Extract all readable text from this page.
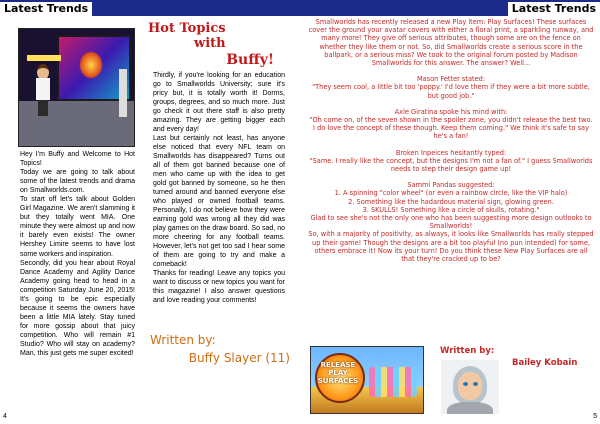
Latest Trends
Hot Topics
with
Buffy!

Hey I'm Buffy and Welcome to Hot Topics!

Today we are going to talk about some of the latest trends and drama on Smallworlds.com.

To start off let's talk about Golden Girl Magazine. We aren't slamming it but they totally went MIA. One minute they were almost up and now it barely even exists! The owner Hershey Limire seems to have lost some workers and inspiration.

Secondly, did you hear about Royal Dance Academy and Agility Dance Academy going head to head in a competition Saturday June 20, 2015! It's going to be epic especially because it seems the owners have been a little MIA lately. Stay tuned for more gossip about that juicy competition. Who will remain #1 Studio? Who will stay on academy? Man, this just gets me super excited!

Thirdly, if you're looking for an education go to Smallworlds University; sure it's pricy but, it is totally worth it! Dorms, groups, degrees, and so much more. Just go check it out there staff is also pretty amazing. They are getting bigger each and every day!

Last but certainly not least, has anyone else noticed that every NFL team on Smallworlds has disappeared? Turns out all of them got banned because one of men who came up with the idea to get gold got banned by someone, so he then turned around and banned everyone else who played or owned football teams. Personally, I do not believe how they were earning gold was wrong all they did was play games on the draw board. So sad, no more cheering for any football teams. However, let's not get too sad I hear some of them are going to try and make a comeback!

Thanks for reading! Leave any topics you want to discuss or new topics you want for this magazine! I also answer questions and love reading your comments!

Written by:
Buffy Slayer (11)
4
Latest Trends

Smallworlds has recently released a new Play item: Play Surfaces! These surfaces cover the ground your avatar covers with either a floral print, a sparkling runway, and many more! They give off serious attributes, though some are on the fence on whether they like them or not. So, did Smallworlds create a serious score in the ballpark, or a serious miss? We took to the original forum posted by Madison Smallworlds for this answer. The answer? Well...

Mason Fetter stated:

"They seem cool, a little bit too 'poppy.' I'd love them if they were a bit more subtle, but good job."

Axle Giratina spoke his mind with:

"Oh come on, of the seven shown in the spoiler zone, you didn't release the best two. I do love the concept of these though. Keep them coming." We think it's safe to say he's a fan!

Broken Inpeices hesitantly typed:

"Same. I really like the concept, but the designs I'm not a fan of." I guess Smallworlds needs to step their design game up!

Sammi Pandas suggested:

1. A spinning "color wheel" (or even a rainbow circle, like the VIP halo)

2. Something like the hadardous material sign, glowing green.

3. SKULLS! Something like a circle of skulls, rotating."

Glad to see she's not the only one who has been suggesting more design outlooks to Smallworlds!

So, with a majority of positivity, as always, it looks like Smallworlds has really stepped up their game! Though the designs are a bit too playful (no pun intended) for some, others embrace it! Now its your turn! Do you think these New Play Surfaces are all that they're cracked up to be?

5
RELEASE PLAY SURFACES
Written by:
Bailey Kobain
